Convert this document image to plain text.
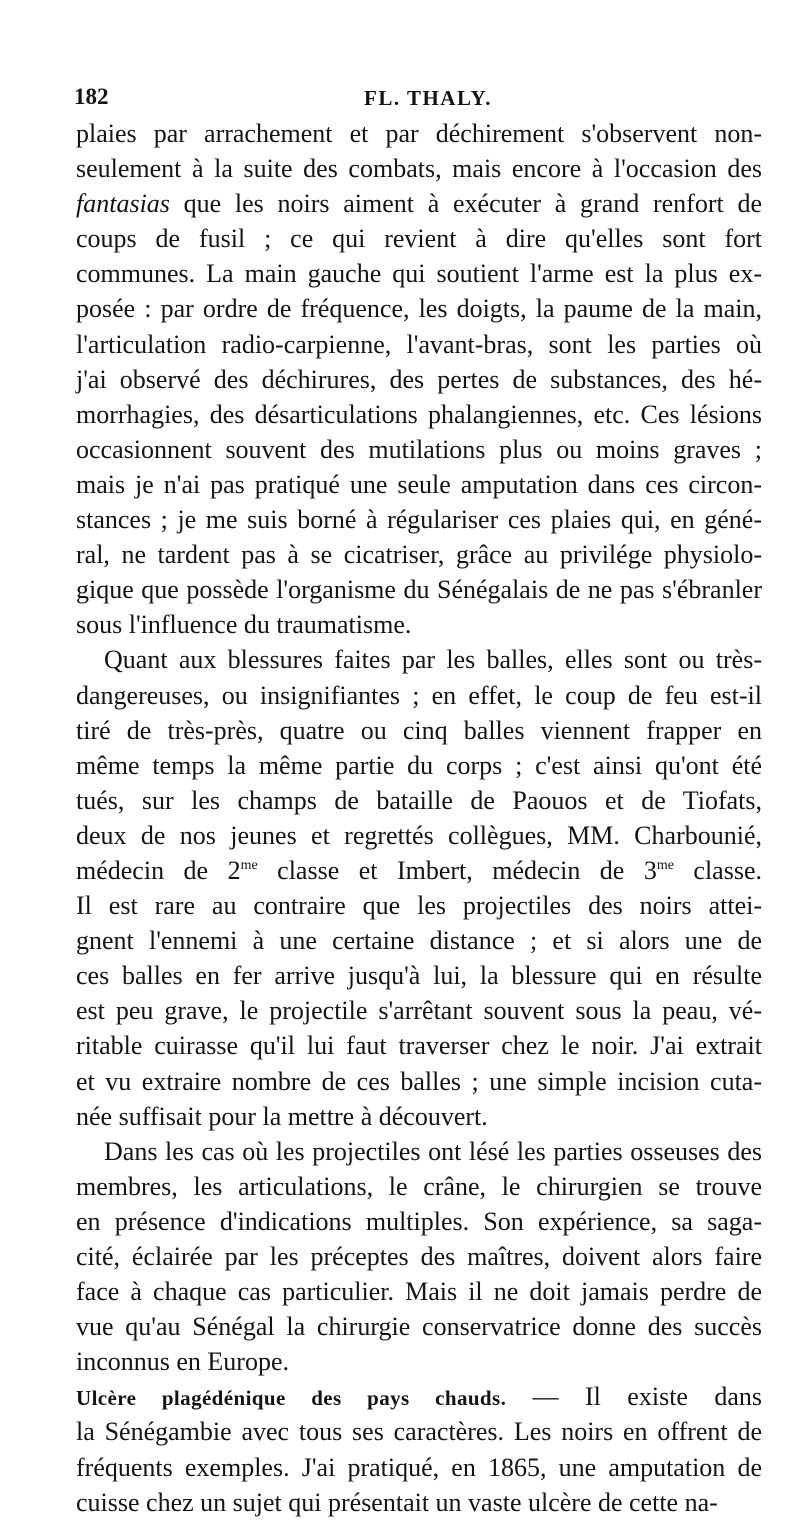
182	FL. THALY.
plaies par arrachement et par déchirement s'observent non-
seulement à la suite des combats, mais encore à l'occasion des
fantasias que les noirs aiment à exécuter à grand renfort de
coups de fusil ; ce qui revient à dire qu'elles sont fort
communes. La main gauche qui soutient l'arme est la plus ex-
posée : par ordre de fréquence, les doigts, la paume de la main,
l'articulation radio-carpienne, l'avant-bras, sont les parties où
j'ai observé des déchirures, des pertes de substances, des hé-
morrhagies, des désarticulations phalangiennes, etc. Ces lésions
occasionnent souvent des mutilations plus ou moins graves ;
mais je n'ai pas pratiqué une seule amputation dans ces circon-
stances ; je me suis borné à régulariser ces plaies qui, en géné-
ral, ne tardent pas à se cicatriser, grâce au privilége physiolo-
gique que possède l'organisme du Sénégalais de ne pas s'ébranler
sous l'influence du traumatisme.
Quant aux blessures faites par les balles, elles sont ou très-
dangereuses, ou insignifiantes ; en effet, le coup de feu est-il
tiré de très-près, quatre ou cinq balles viennent frapper en
même temps la même partie du corps ; c'est ainsi qu'ont été
tués, sur les champs de bataille de Paouos et de Tiofats,
deux de nos jeunes et regrettés collègues, MM. Charbounié,
médecin de $2^{me}$ classe et Imbert, médecin de $3^{me}$ classe.
Il est rare au contraire que les projectiles des noirs attei-
gnent l'ennemi à une certaine distance ; et si alors une de
ces balles en fer arrive jusqu'à lui, la blessure qui en résulte
est peu grave, le projectile s'arrêtant souvent sous la peau, vé-
ritable cuirasse qu'il lui faut traverser chez le noir. J'ai extrait
et vu extraire nombre de ces balles ; une simple incision cuta-
née suffisait pour la mettre à découvert.
Dans les cas où les projectiles ont lésé les parties osseuses des
membres, les articulations, le crâne, le chirurgien se trouve
en présence d'indications multiples. Son expérience, sa saga-
cité, éclairée par les préceptes des maîtres, doivent alors faire
face à chaque cas particulier. Mais il ne doit jamais perdre de
vue qu'au Sénégal la chirurgie conservatrice donne des succès
inconnus en Europe.
Ulcère plagédénique des pays chauds. — Il existe dans
la Sénégambie avec tous ses caractères. Les noirs en offrent de
fréquents exemples. J'ai pratiqué, en 1865, une amputation de
cuisse chez un sujet qui présentait un vaste ulcère de cette na-
